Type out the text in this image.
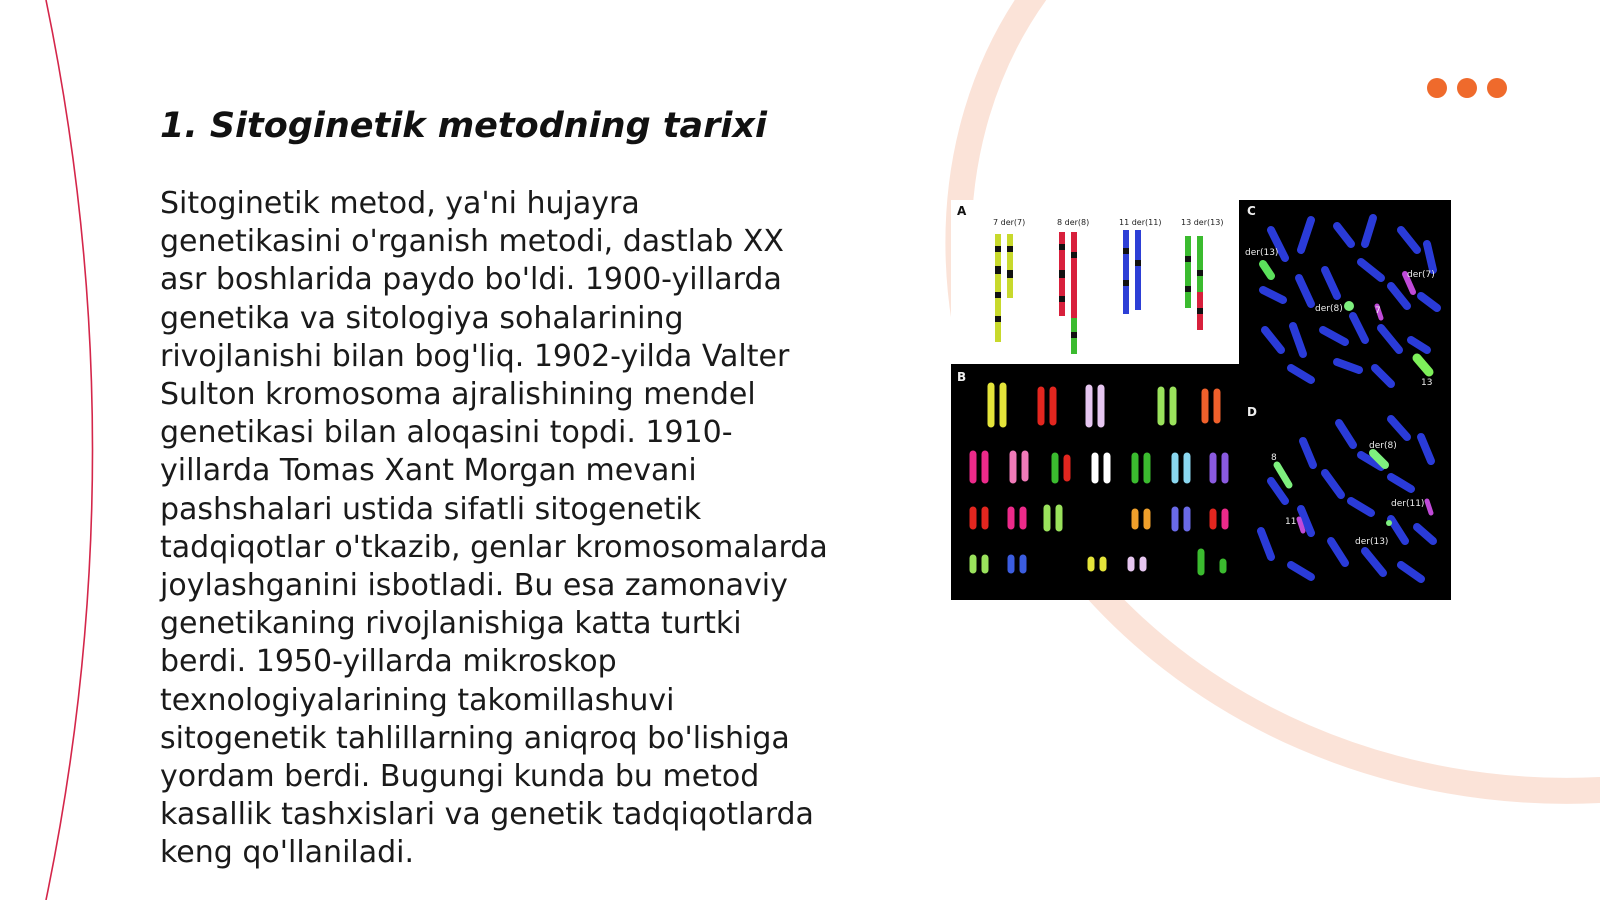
1. Sitoginetik metodning tarixi

Sitoginetik metod, ya'ni hujayra genetikasini o'rganish metodi, dastlab XX asr boshlarida paydo bo'ldi. 1900-yillarda genetika va sitologiya sohalarining rivojlanishi bilan bog'liq. 1902-yilda Valter Sulton kromosoma ajralishining mendel genetikasi bilan aloqasini topdi. 1910-yillarda Tomas Xant Morgan mevani pashshalari ustida sifatli sitogenetik tadqiqotlar o'tkazib, genlar kromosomalarda joylashganini isbotladi. Bu esa zamonaviy genetikaning rivojlanishiga katta turtki berdi. 1950-yillarda mikroskop texnologiyalarining takomillashuvi sitogenetik tahlillarning aniqroq bo'lishiga yordam berdi. Bugungi kunda bu metod kasallik tashxislari va genetik tadqiqotlarda keng qo'llaniladi.

A
7 der(7)	8 der(8)	11 der(11) 13 der(13)
B
C
der(13)
der(7)
der(8)	7
13
D
8
der(8)
der(11)
11
der(13)
